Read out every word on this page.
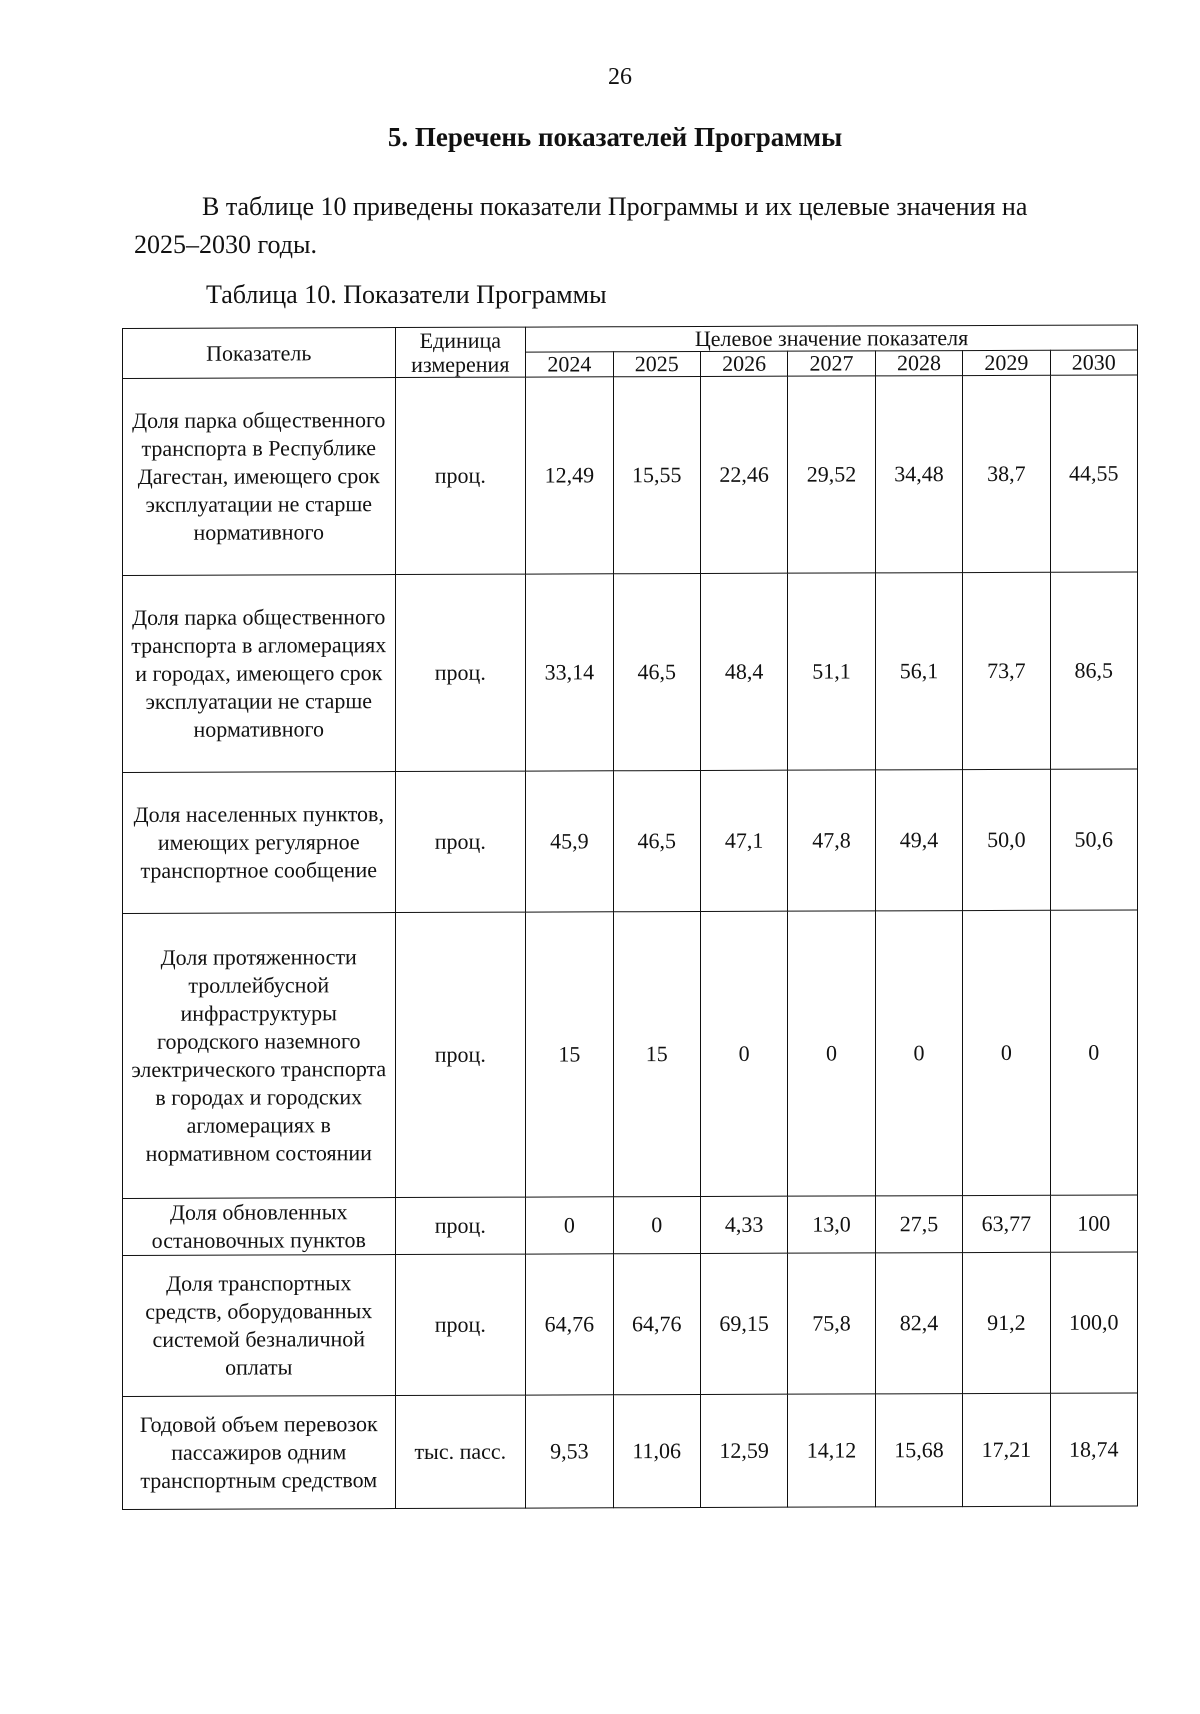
26
5. Перечень показателей Программы
В таблице 10 приведены показатели Программы и их целевые значения на 2025–2030 годы.
Таблица 10. Показатели Программы
Показатель	Единица измерения	Целевое значение показателя						
		2024	2025	2026	2027	2028	2029	2030
Доля парка общественного транспорта в Республике Дагестан, имеющего срок эксплуатации не старше нормативного	проц.	12,49	15,55	22,46	29,52	34,48	38,7	44,55
Доля парка общественного транспорта в агломерациях и городах, имеющего срок эксплуатации не старше нормативного	проц.	33,14	46,5	48,4	51,1	56,1	73,7	86,5
Доля населенных пунктов, имеющих регулярное транспортное сообщение	проц.	45,9	46,5	47,1	47,8	49,4	50,0	50,6
Доля протяженности троллейбусной инфраструктуры городского наземного электрического транспорта в городах и городских агломерациях в нормативном состоянии	проц.	15	15	0	0	0	0	0
Доля обновленных остановочных пунктов	проц.	0	0	4,33	13,0	27,5	63,77	100
Доля транспортных средств, оборудованных системой безналичной оплаты	проц.	64,76	64,76	69,15	75,8	82,4	91,2	100,0
Годовой объем перевозок пассажиров одним транспортным средством	тыс. пасс.	9,53	11,06	12,59	14,12	15,68	17,21	18,74
